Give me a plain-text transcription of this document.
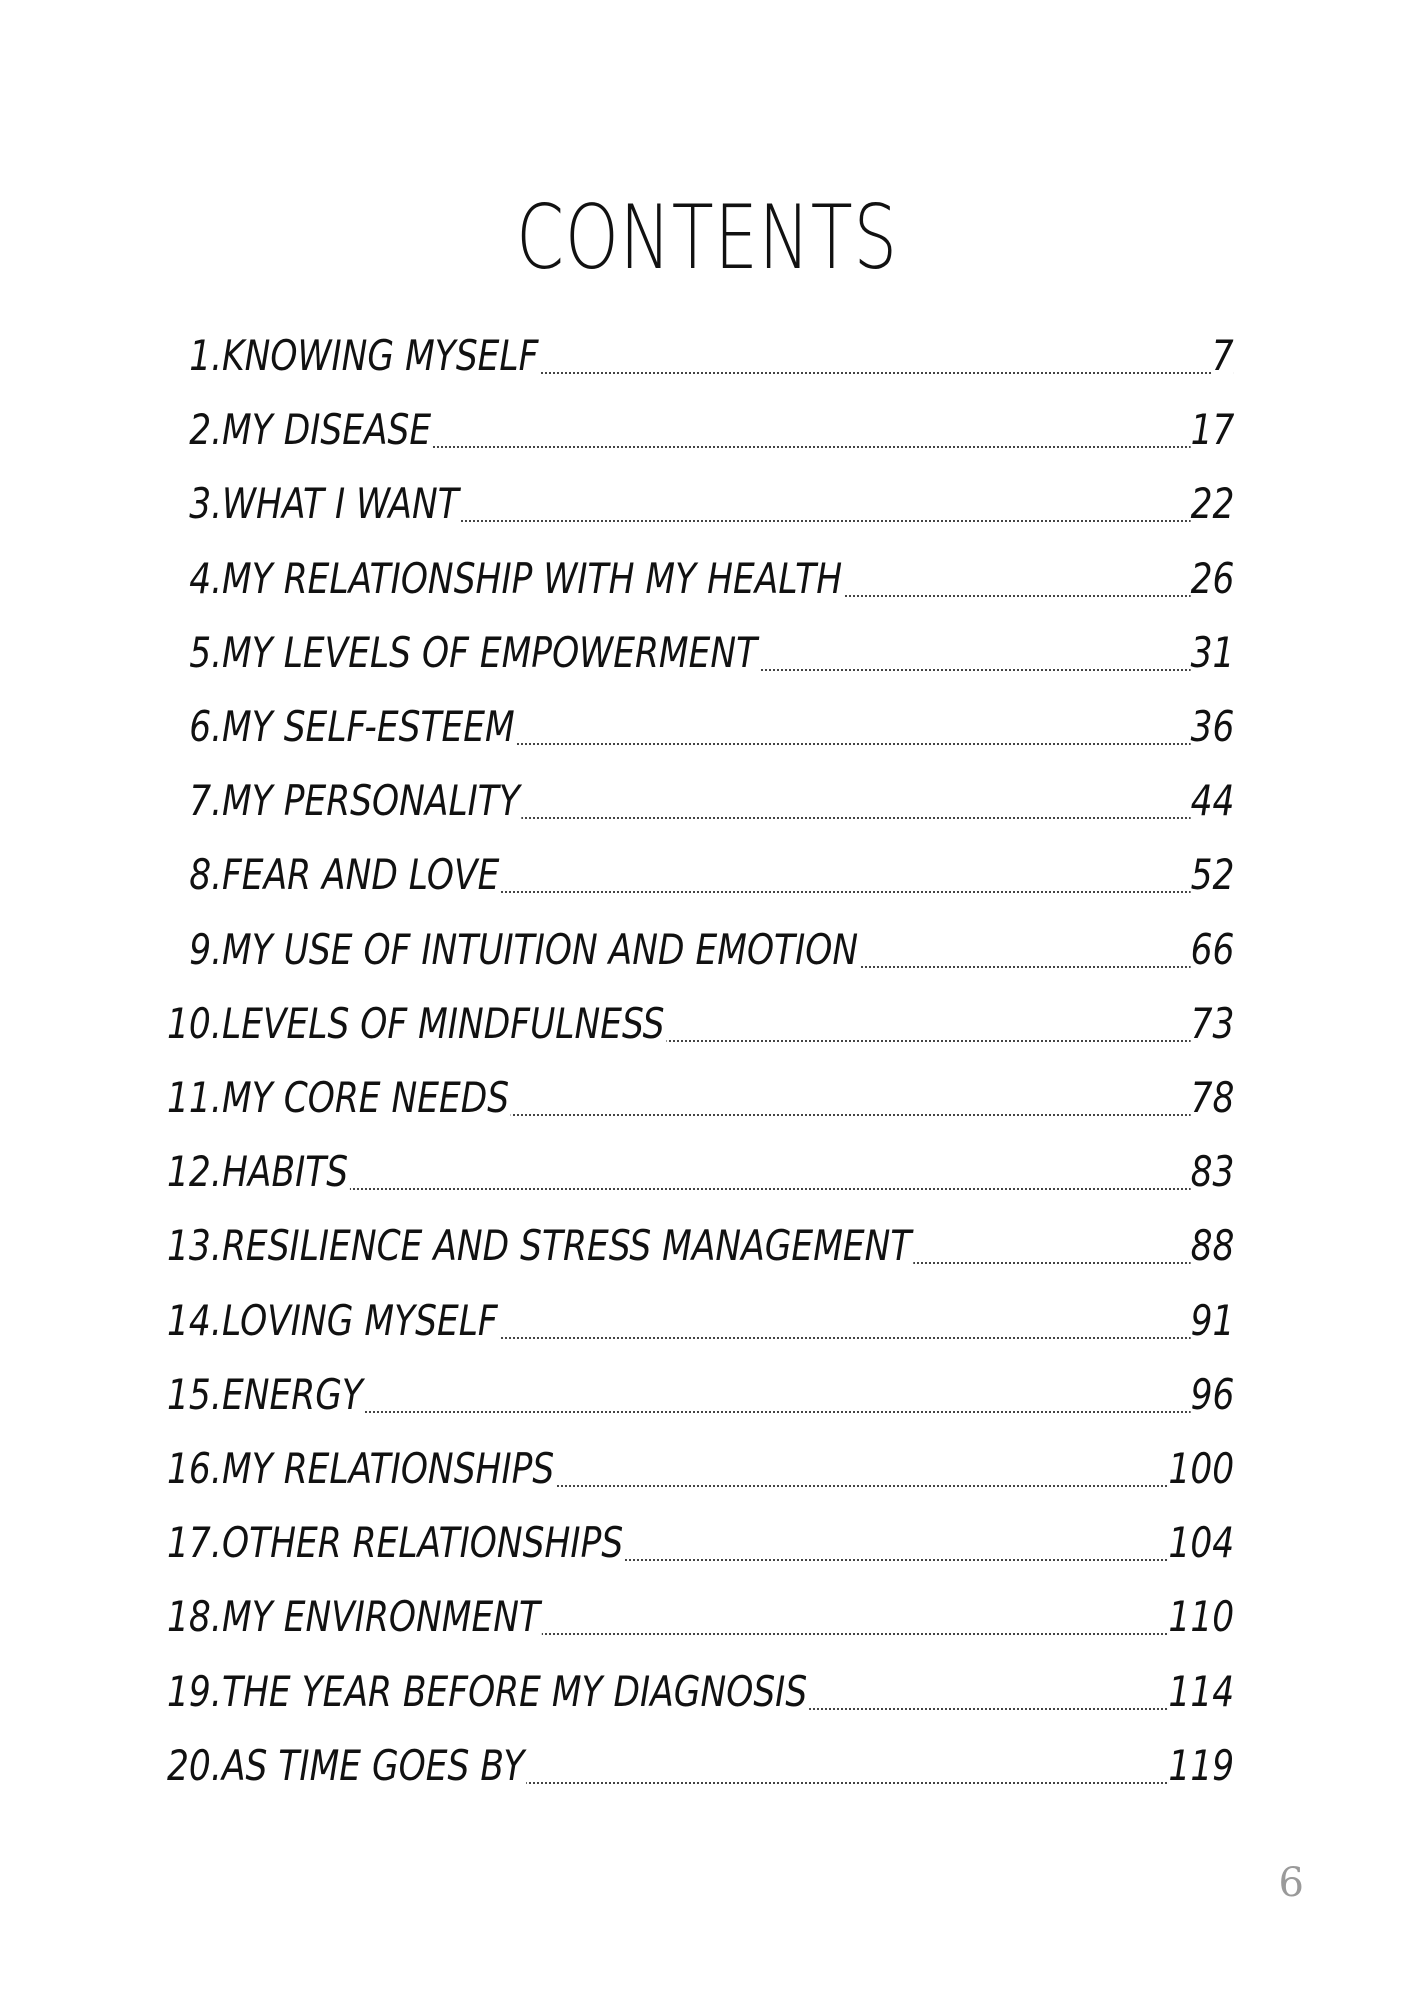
CONTENTS
1. KNOWING MYSELF	7
2. MY DISEASE	17
3. WHAT I WANT	22
4. MY RELATIONSHIP WITH MY HEALTH	26
5. MY LEVELS OF EMPOWERMENT	31
6. MY SELF-ESTEEM	36
7. MY PERSONALITY	44
8. FEAR AND LOVE	52
9. MY USE OF INTUITION AND EMOTION	66
10. LEVELS OF MINDFULNESS	73
11. MY CORE NEEDS	78
12. HABITS	83
13. RESILIENCE AND STRESS MANAGEMENT	88
14. LOVING MYSELF	91
15. ENERGY	96
16. MY RELATIONSHIPS	100
17. OTHER RELATIONSHIPS	104
18. MY ENVIRONMENT	110
19. THE YEAR BEFORE MY DIAGNOSIS	114
20. AS TIME GOES BY	119
6
